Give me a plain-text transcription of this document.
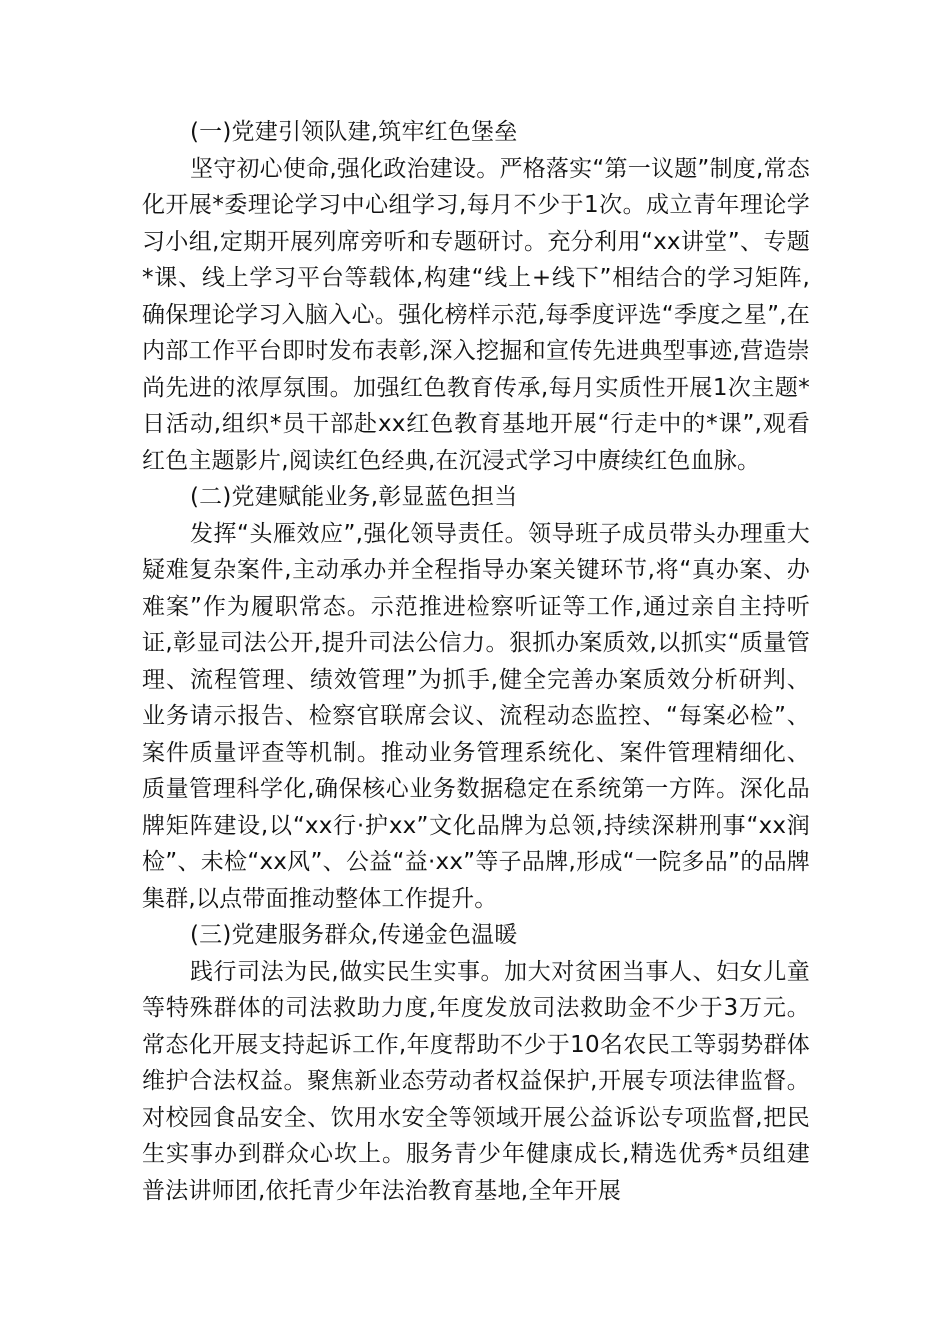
(一)党建引领队建,筑牢红色堡垒

坚守初心使命,强化政治建设。严格落实“第一议题”制度,常态化开展*委理论学习中心组学习,每月不少于1次。成立青年理论学习小组,定期开展列席旁听和专题研讨。充分利用“xx讲堂”、专题*课、线上学习平台等载体,构建“线上+线下”相结合的学习矩阵,确保理论学习入脑入心。强化榜样示范,每季度评选“季度之星”,在内部工作平台即时发布表彰,深入挖掘和宣传先进典型事迹,营造崇尚先进的浓厚氛围。加强红色教育传承,每月实质性开展1次主题*日活动,组织*员干部赴xx红色教育基地开展“行走中的*课”,观看红色主题影片,阅读红色经典,在沉浸式学习中赓续红色血脉。

(二)党建赋能业务,彰显蓝色担当

发挥“头雁效应”,强化领导责任。领导班子成员带头办理重大疑难复杂案件,主动承办并全程指导办案关键环节,将“真办案、办难案”作为履职常态。示范推进检察听证等工作,通过亲自主持听证,彰显司法公开,提升司法公信力。狠抓办案质效,以抓实“质量管理、流程管理、绩效管理”为抓手,健全完善办案质效分析研判、业务请示报告、检察官联席会议、流程动态监控、“每案必检”、案件质量评查等机制。推动业务管理系统化、案件管理精细化、质量管理科学化,确保核心业务数据稳定在系统第一方阵。深化品牌矩阵建设,以“xx行·护xx”文化品牌为总领,持续深耕刑事“xx润检”、未检“xx风”、公益“益·xx”等子品牌,形成“一院多品”的品牌集群,以点带面推动整体工作提升。

(三)党建服务群众,传递金色温暖

践行司法为民,做实民生实事。加大对贫困当事人、妇女儿童等特殊群体的司法救助力度,年度发放司法救助金不少于3万元。常态化开展支持起诉工作,年度帮助不少于10名农民工等弱势群体维护合法权益。聚焦新业态劳动者权益保护,开展专项法律监督。对校园食品安全、饮用水安全等领域开展公益诉讼专项监督,把民生实事办到群众心坎上。服务青少年健康成长,精选优秀*员组建普法讲师团,依托青少年法治教育基地,全年开展
